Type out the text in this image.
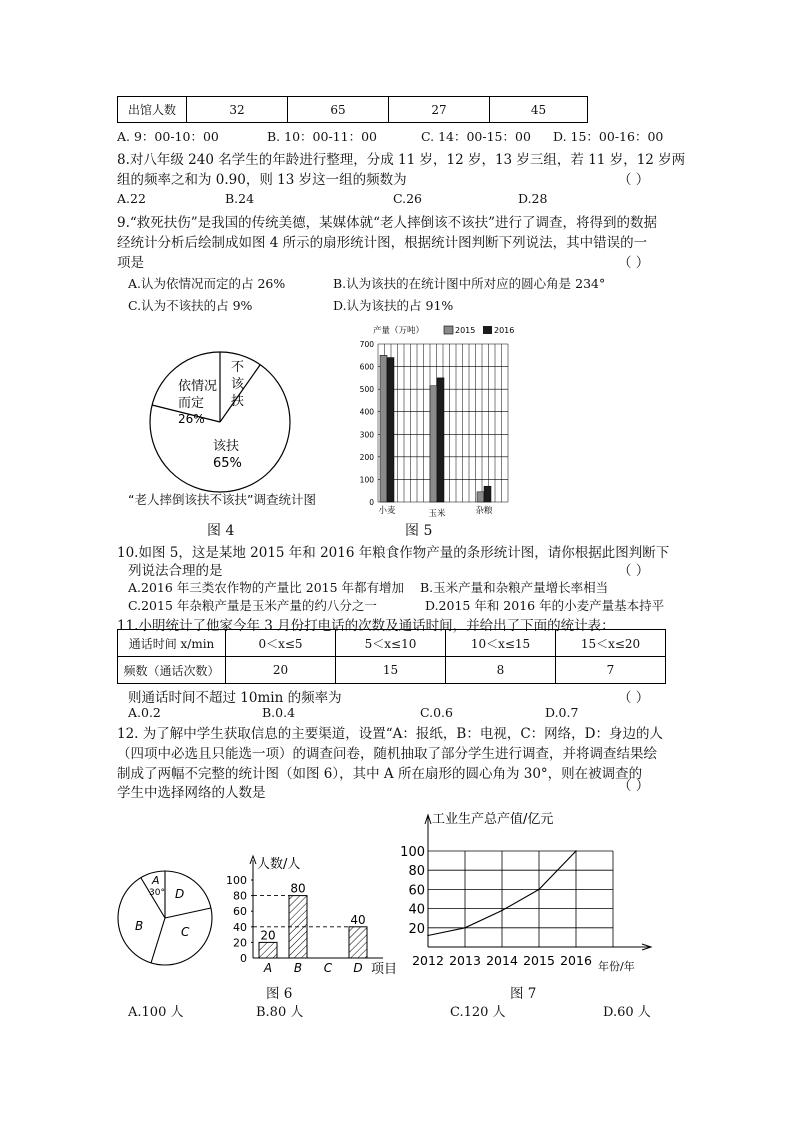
出馆人数	32	65	27	45
A. 9：00-10：00	B. 10：00-11：00	C. 14：00-15：00 D. 15：00-16：00
8.对八年级 240 名学生的年龄进行整理，分成 11 岁，12 岁，13 岁三组，若 11 岁，12 岁两
组的频率之和为 0.90，则 13 岁这一组的频数为	（ ）
A.22	B.24	C.26	D.28
9.“救死扶伤”是我国的传统美德，某媒体就“老人摔倒该不该扶”进行了调查，将得到的数据
经统计分析后绘制成如图 4 所示的扇形统计图，根据统计图判断下列说法，其中错误的一
项是	（ ）
A.认为依情况而定的占 26%	B.认为该扶的在统计图中所对应的圆心角是 234°
C.认为不该扶的占 9%	D.认为该扶的占 91%
不
该
扶
依情况
而定
26%
该扶
65%
“老人摔倒该扶不该扶”调查统计图
图 4
产量（万吨）	2015 2016
0
100
200
300
400
500
600
700
小麦	玉米	杂粮
图 5
10.如图 5，这是某地 2015 年和 2016 年粮食作物产量的条形统计图，请你根据此图判断下
列说法合理的是	（ ）
A.2016 年三类农作物的产量比 2015 年都有增加 B.玉米产量和杂粮产量增长率相当
C.2015 年杂粮产量是玉米产量的约八分之一	D.2015 年和 2016 年的小麦产量基本持平
11.小明统计了他家今年 3 月份打电话的次数及通话时间，并给出了下面的统计表：
通话时间 x/min	0＜x≤5	5＜x≤10	10＜x≤15	15＜x≤20
频数（通话次数）	20	15	8	7
则通话时间不超过 10min 的频率为	（ ）
A.0.2	B.0.4	C.0.6	D.0.7
12. 为了解中学生获取信息的主要渠道，设置“A：报纸，B：电视，C：网络，D：身边的人
（四项中必选且只能选一项）的调查问卷，随机抽取了部分学生进行调查，并将调查结果绘
制成了两幅不完整的统计图（如图 6），其中 A 所在扇形的圆心角为 30°，则在被调查的
学生中选择网络的人数是	（ ）
A
30°
B	C
D
人数/人
0
20
40
60
80
100
A B C D 项目
20
80
40
图 6
工业生产总产值/亿元
年份/年
20
40
60
80
100
2012 2013 2014 2015 2016
图 7
A.100 人	B.80 人	C.120 人	D.60 人
